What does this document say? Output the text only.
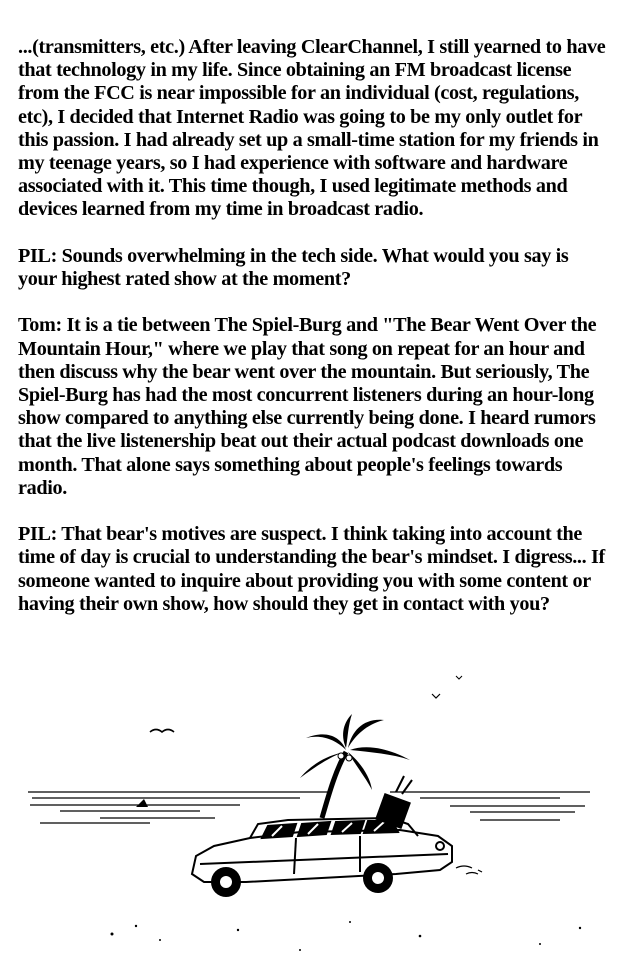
...(transmitters, etc.) After leaving ClearChannel, I still yearned to have that technology in my life. Since obtaining an FM broadcast license from the FCC is near impossible for an individual (cost, regulations, etc), I decided that Internet Radio was going to be my only outlet for this passion. I had already set up a small-time station for my friends in my teenage years, so I had experience with software and hardware associated with it. This time though, I used legitimate methods and devices learned from my time in broadcast radio.

PIL: Sounds overwhelming in the tech side. What would you say is your highest rated show at the moment?

Tom: It is a tie between The Spiel-Burg and "The Bear Went Over the Mountain Hour," where we play that song on repeat for an hour and then discuss why the bear went over the mountain. But seriously, The Spiel-Burg has had the most concurrent listeners during an hour-long show compared to anything else currently being done. I heard rumors that the live listenership beat out their actual podcast downloads one month. That alone says something about people's feelings towards radio.

PIL: That bear's motives are suspect. I think taking into account the time of day is crucial to understanding the bear's mindset. I digress... If someone wanted to inquire about providing you with some content or having their own show, how should they get in contact with you?
